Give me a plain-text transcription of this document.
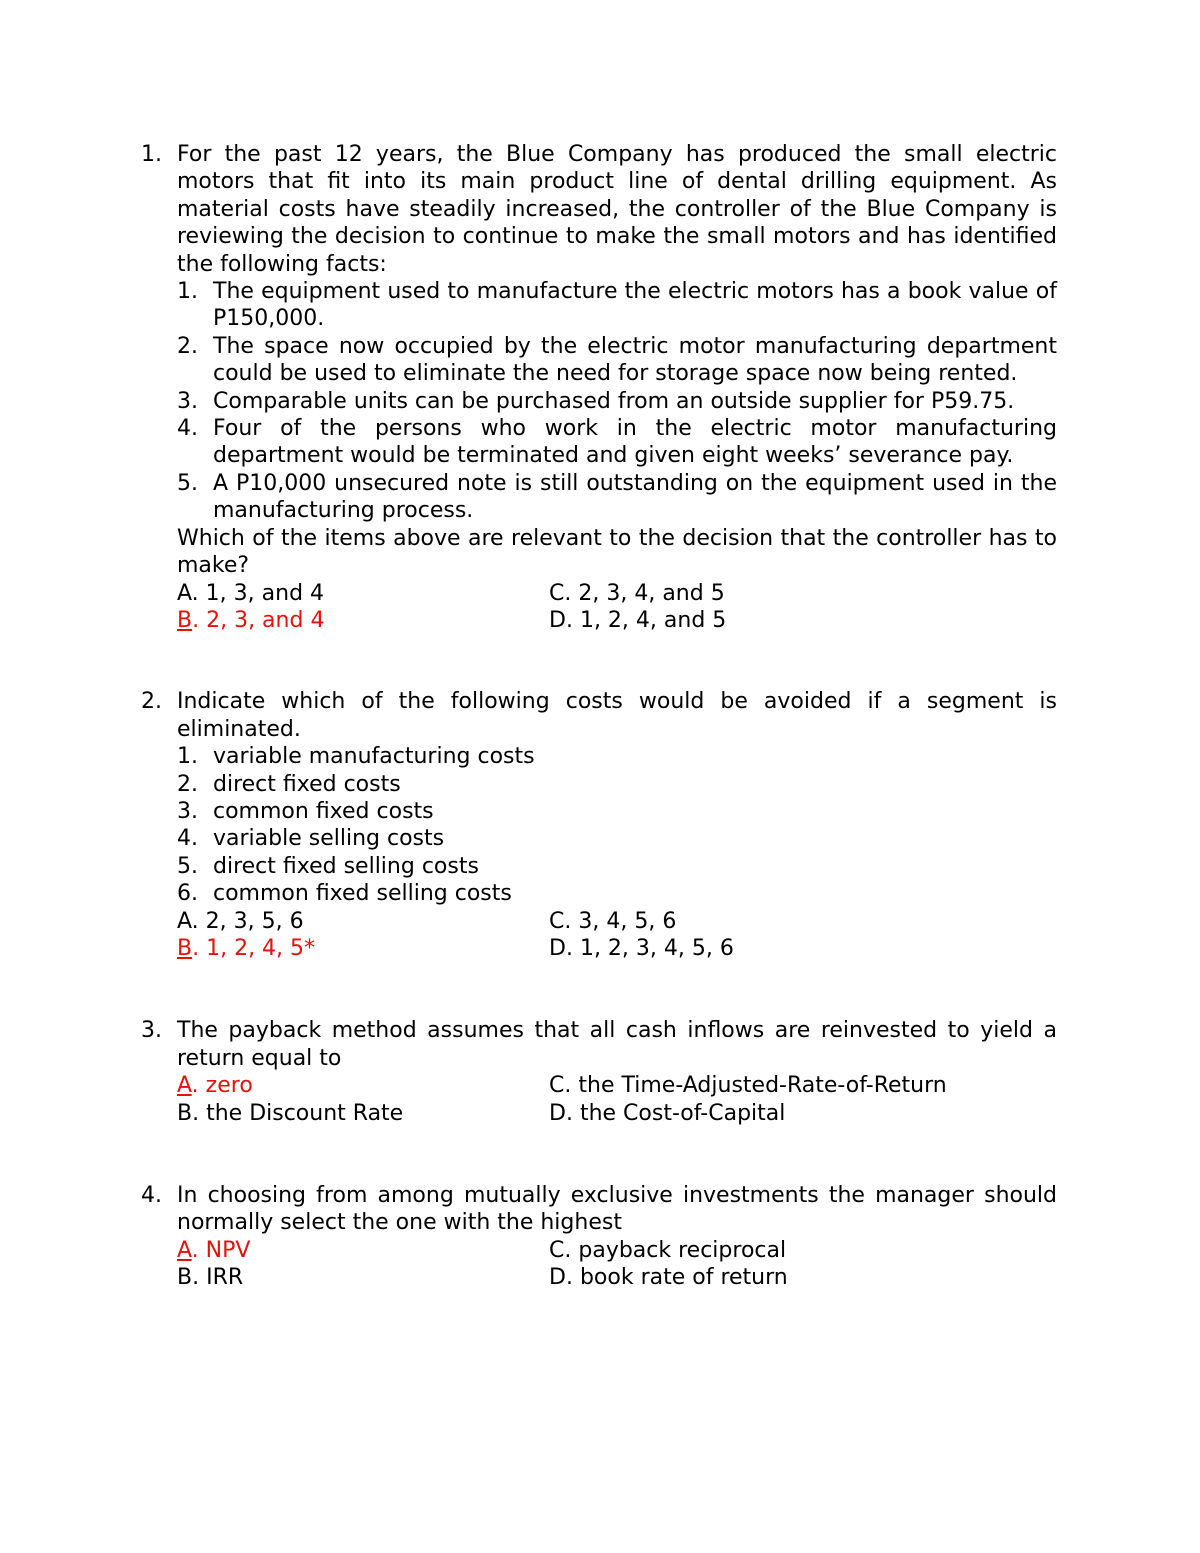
1. For the past 12 years, the Blue Company has produced the small electric motors that fit into its main product line of dental drilling equipment. As material costs have steadily increased, the controller of the Blue Company is reviewing the decision to continue to make the small motors and has identified the following facts:

1. The equipment used to manufacture the electric motors has a book value of P150,000.
2. The space now occupied by the electric motor manufacturing department could be used to eliminate the need for storage space now being rented.
3. Comparable units can be purchased from an outside supplier for P59.75.
4. Four of the persons who work in the electric motor manufacturing department would be terminated and given eight weeks’ severance pay.
5. A P10,000 unsecured note is still outstanding on the equipment used in the manufacturing process.

Which of the items above are relevant to the decision that the controller has to make?

A. 1, 3, and 4	C. 2, 3, 4, and 5
B. 2, 3, and 4	D. 1, 2, 4, and 5
2. Indicate which of the following costs would be avoided if a segment is eliminated.

1. variable manufacturing costs
2. direct fixed costs
3. common fixed costs
4. variable selling costs
5. direct fixed selling costs
6. common fixed selling costs
A. 2, 3, 5, 6	C. 3, 4, 5, 6
B. 1, 2, 4, 5*	D. 1, 2, 3, 4, 5, 6
3. The payback method assumes that all cash inflows are reinvested to yield a return equal to

A. zero	C. the Time-Adjusted-Rate-of-Return
B. the Discount Rate	D. the Cost-of-Capital
4. In choosing from among mutually exclusive investments the manager should normally select the one with the highest

A. NPV	C. payback reciprocal
B. IRR	D. book rate of return
